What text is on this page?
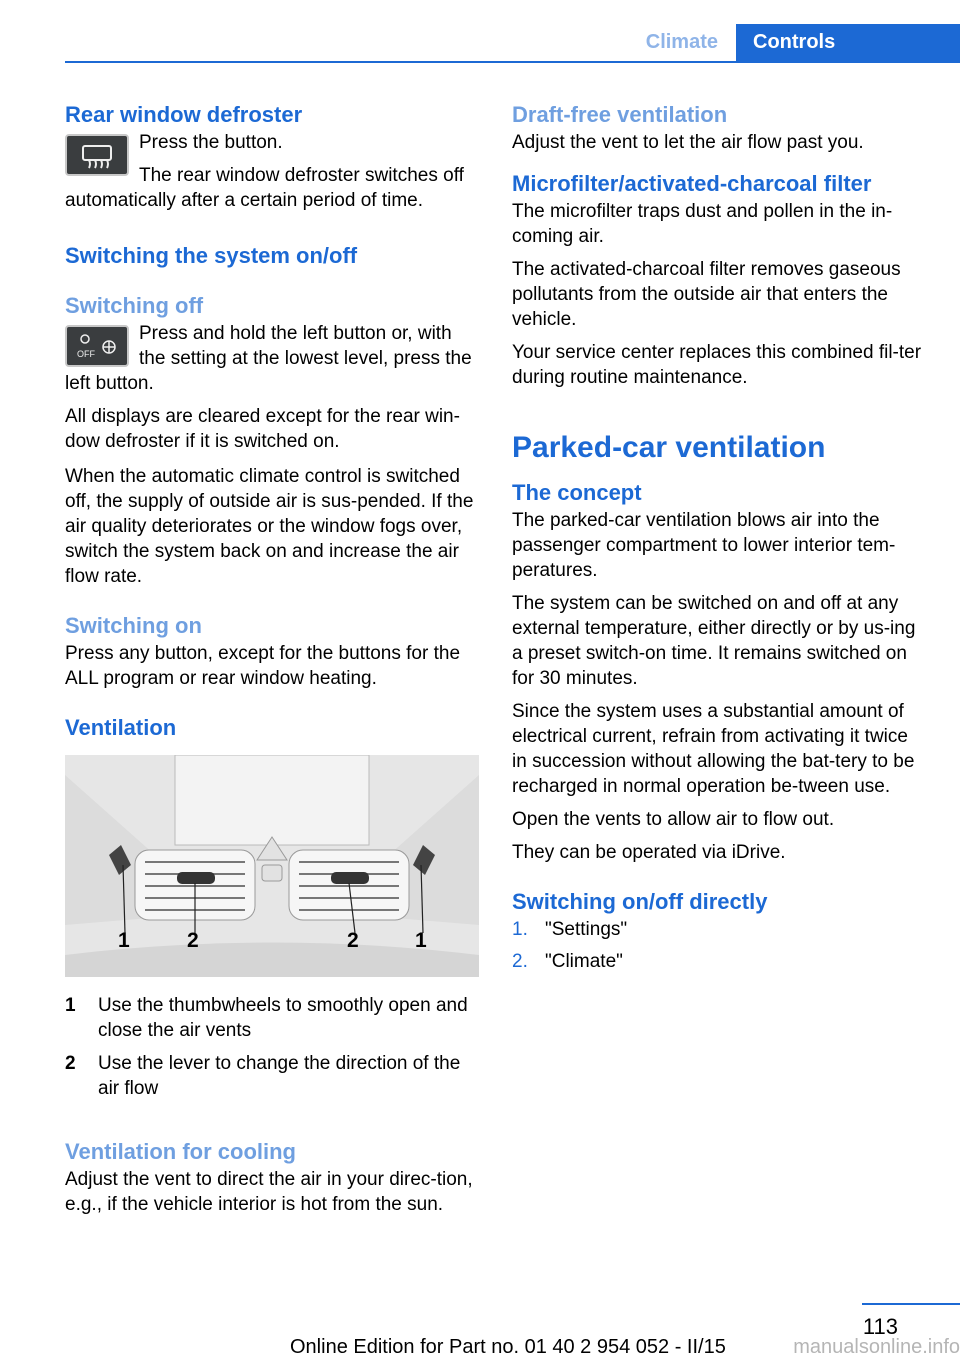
Climate	Controls
Rear window defroster

Press the button.

The rear window defroster switches off automatically after a certain period of time.

Switching the system on/off
Switching off
OFF

Press and hold the left button or, with the setting at the lowest level, press the left button.

All displays are cleared except for the rear win-dow defroster if it is switched on.

When the automatic climate control is switched off, the supply of outside air is sus-pended. If the air quality deteriorates or the window fogs over, switch the system back on and increase the air flow rate.

Switching on

Press any button, except for the buttons for the ALL program or rear window heating.

Ventilation
1	2	2	1
1	Use the thumbwheels to smoothly open and close the air vents
2	Use the lever to change the direction of the air flow
Ventilation for cooling

Adjust the vent to direct the air in your direc-tion, e.g., if the vehicle interior is hot from the sun.

Draft-free ventilation

Adjust the vent to let the air flow past you.

Microfilter/activated-charcoal filter

The microfilter traps dust and pollen in the in-coming air.

The activated-charcoal filter removes gaseous pollutants from the outside air that enters the vehicle.

Your service center replaces this combined fil-ter during routine maintenance.

Parked-car ventilation
The concept

The parked-car ventilation blows air into the passenger compartment to lower interior tem-peratures.

The system can be switched on and off at any external temperature, either directly or by us-ing a preset switch-on time. It remains switched on for 30 minutes.

Since the system uses a substantial amount of electrical current, refrain from activating it twice in succession without allowing the bat-tery to be recharged in normal operation be-tween use.

Open the vents to allow air to flow out.

They can be operated via iDrive.

Switching on/off directly
1. "Settings"
2. "Climate"
113
Online Edition for Part no. 01 40 2 954 052 - II/15	manualsonline.info
